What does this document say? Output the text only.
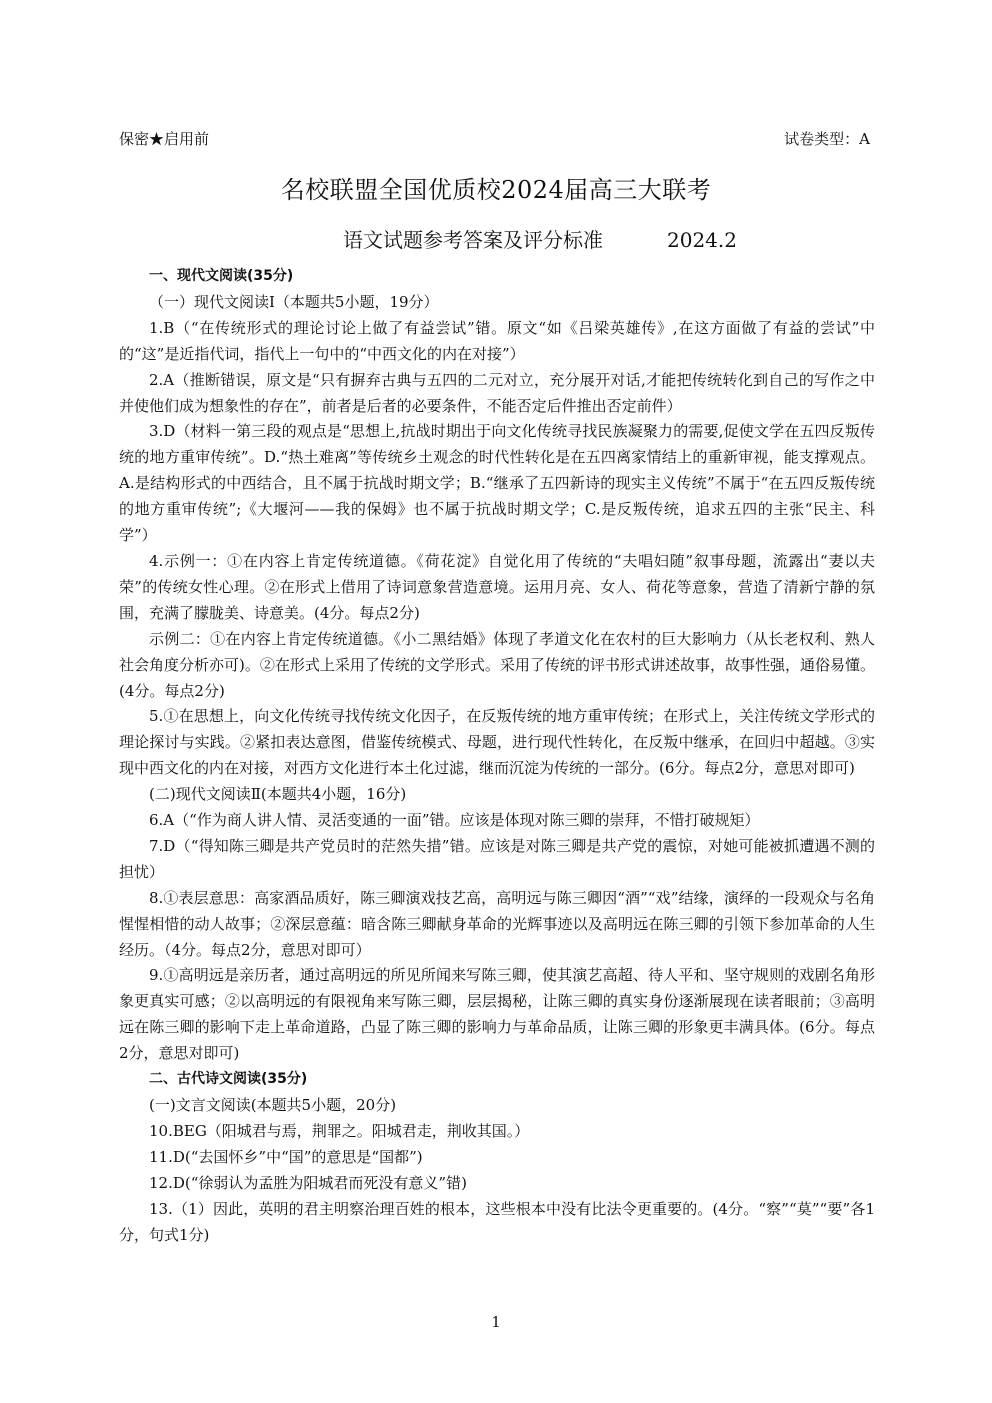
保密★启用前	试卷类型：A
名校联盟全国优质校2024届高三大联考
语文试题参考答案及评分标准	2024.2

一、现代文阅读(35分)

（一）现代文阅读Ⅰ（本题共5小题，19分）

1.B（“在传统形式的理论讨论上做了有益尝试”错。原文“如《吕梁英雄传》,在这方面做了有益的尝试”中的“这”是近指代词，指代上一句中的“中西文化的内在对接”）

2.A（推断错误，原文是“只有摒弃古典与五四的二元对立，充分展开对话,才能把传统转化到自己的写作之中并使他们成为想象性的存在”，前者是后者的必要条件，不能否定后件推出否定前件）

3.D（材料一第三段的观点是“思想上,抗战时期出于向文化传统寻找民族凝聚力的需要,促使文学在五四反叛传统的地方重审传统”。D.“热土难离”等传统乡土观念的时代性转化是在五四离家情结上的重新审视，能支撑观点。A.是结构形式的中西结合，且不属于抗战时期文学；B.“继承了五四新诗的现实主义传统”不属于“在五四反叛传统的地方重审传统”;《大堰河——我的保姆》也不属于抗战时期文学；C.是反叛传统，追求五四的主张“民主、科学”）

4.示例一：①在内容上肯定传统道德。《荷花淀》自觉化用了传统的“夫唱妇随”叙事母题，流露出“妻以夫荣”的传统女性心理。②在形式上借用了诗词意象营造意境。运用月亮、女人、荷花等意象，营造了清新宁静的氛围，充满了朦胧美、诗意美。(4分。每点2分)

示例二：①在内容上肯定传统道德。《小二黑结婚》体现了孝道文化在农村的巨大影响力（从长老权利、熟人社会角度分析亦可)。②在形式上采用了传统的文学形式。采用了传统的评书形式讲述故事，故事性强，通俗易懂。(4分。每点2分)

5.①在思想上，向文化传统寻找传统文化因子，在反叛传统的地方重审传统；在形式上，关注传统文学形式的理论探讨与实践。②紧扣表达意图，借鉴传统模式、母题，进行现代性转化，在反叛中继承，在回归中超越。③实现中西文化的内在对接，对西方文化进行本土化过滤，继而沉淀为传统的一部分。(6分。每点2分，意思对即可)

(二)现代文阅读Ⅱ(本题共4小题，16分)

6.A（“作为商人讲人情、灵活变通的一面”错。应该是体现对陈三卿的崇拜，不惜打破规矩）

7.D（“得知陈三卿是共产党员时的茫然失措”错。应该是对陈三卿是共产党的震惊，对她可能被抓遭遇不测的担忧）

8.①表层意思：高家酒品质好，陈三卿演戏技艺高，高明远与陈三卿因“酒”“戏”结缘，演绎的一段观众与名角惺惺相惜的动人故事；②深层意蕴：暗含陈三卿献身革命的光辉事迹以及高明远在陈三卿的引领下参加革命的人生经历。（4分。每点2分，意思对即可）

9.①高明远是亲历者，通过高明远的所见所闻来写陈三卿，使其演艺高超、待人平和、坚守规则的戏剧名角形象更真实可感；②以高明远的有限视角来写陈三卿，层层揭秘，让陈三卿的真实身份逐渐展现在读者眼前；③高明远在陈三卿的影响下走上革命道路，凸显了陈三卿的影响力与革命品质，让陈三卿的形象更丰满具体。(6分。每点2分，意思对即可)

二、古代诗文阅读(35分)

(一)文言文阅读(本题共5小题，20分)

10.BEG（阳城君与焉，荆罪之。阳城君走，荆收其国。）

11.D(“去国怀乡”中“国”的意思是“国都”)

12.D(“徐弱认为孟胜为阳城君而死没有意义”错)

13.（1）因此，英明的君主明察治理百姓的根本，这些根本中没有比法令更重要的。(4分。“察”“莫”“要”各1分，句式1分)

1
